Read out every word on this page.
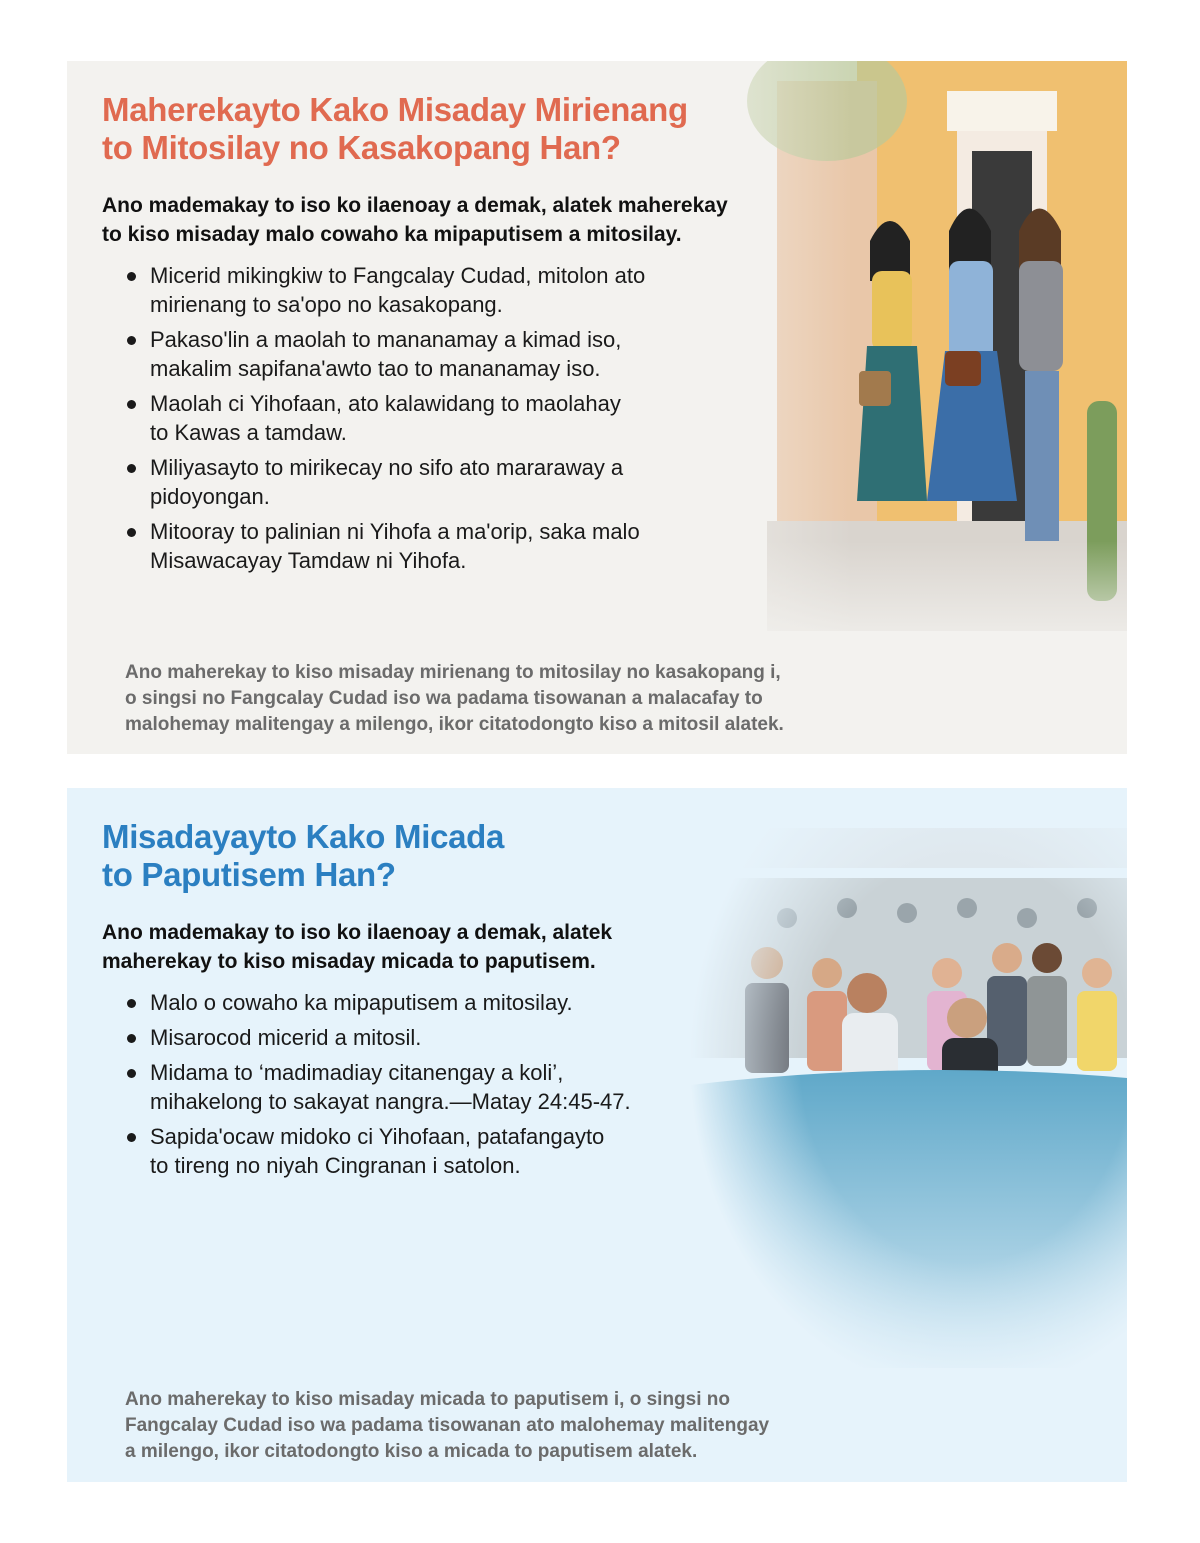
Maherekayto Kako Misaday Mirienang
to Mitosilay no Kasakopang Han?

Ano mademakay to iso ko ilaenoay a demak, alatek maherekay
to kiso misaday malo cowaho ka mipaputisem a mitosilay.

Micerid mikingkiw to Fangcalay Cudad, mitolon ato
mirienang to sa'opo no kasakopang.
Pakaso'lin a maolah to mananamay a kimad iso,
makalim sapifana'awto tao to mananamay iso.
Maolah ci Yihofaan, ato kalawidang to maolahay
to Kawas a tamdaw.
Miliyasayto to mirikecay no sifo ato mararaway a
pidoyongan.
Mitooray to palinian ni Yihofa a ma'orip, saka malo
Misawacayay Tamdaw ni Yihofa.

Ano maherekay to kiso misaday mirienang to mitosilay no kasakopang i,
o singsi no Fangcalay Cudad iso wa padama tisowanan a malacafay to
malohemay malitengay a milengo, ikor citatodongto kiso a mitosil alatek.

Misadayayto Kako Micada
to Paputisem Han?

Ano mademakay to iso ko ilaenoay a demak, alatek
maherekay to kiso misaday micada to paputisem.

Malo o cowaho ka mipaputisem a mitosilay.
Misarocod micerid a mitosil.
Midama to ‘madimadiay citanengay a koli’,
mihakelong to sakayat nangra.—Matay 24:45-47.
Sapida'ocaw midoko ci Yihofaan, patafangayto
to tireng no niyah Cingranan i satolon.

Ano maherekay to kiso misaday micada to paputisem i, o singsi no
Fangcalay Cudad iso wa padama tisowanan ato malohemay malitengay
a milengo, ikor citatodongto kiso a micada to paputisem alatek.
